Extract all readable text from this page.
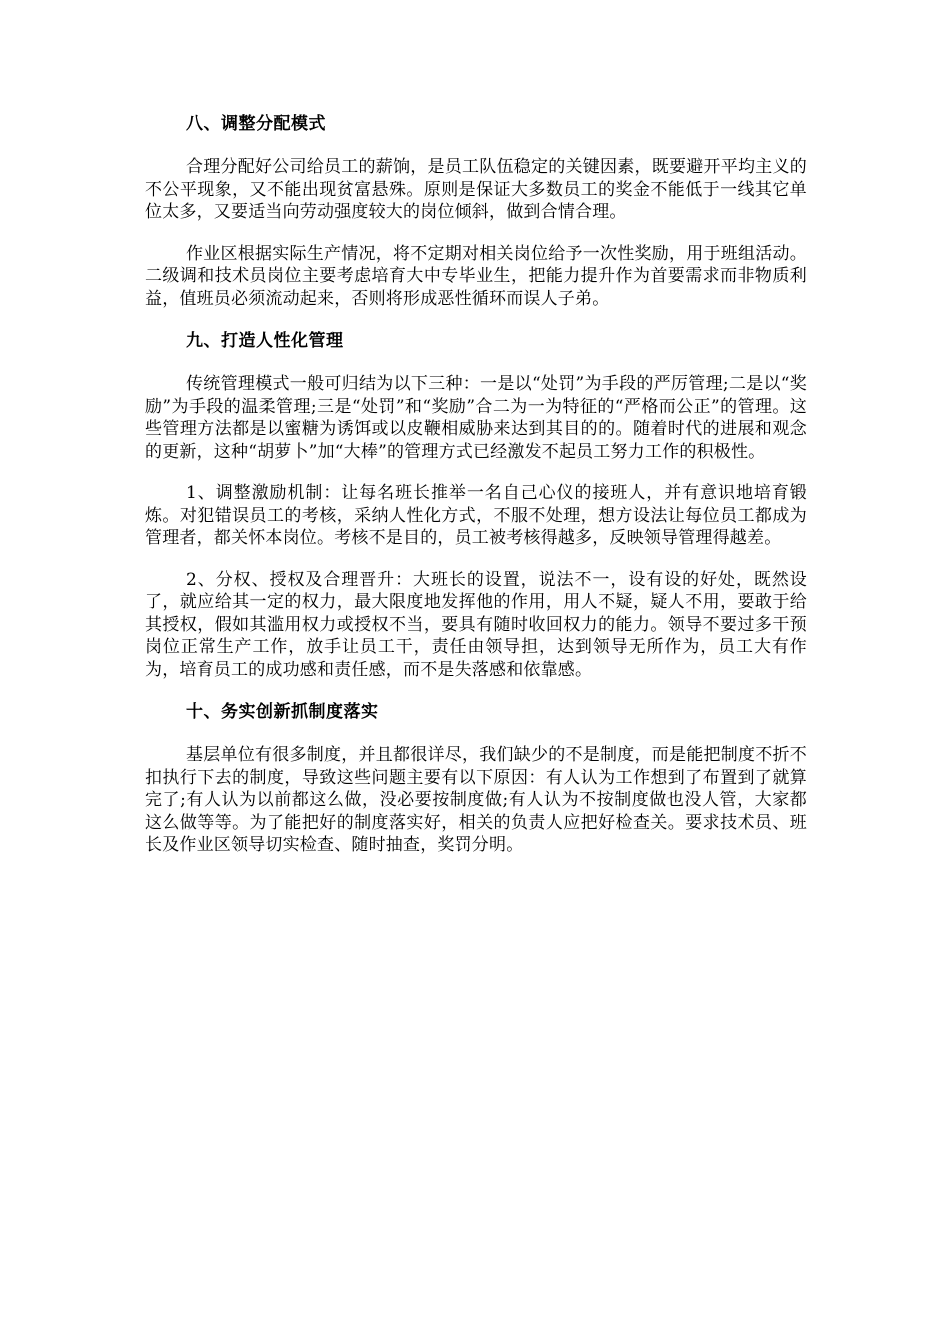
八、调整分配模式

合理分配好公司给员工的薪饷，是员工队伍稳定的关键因素，既要避开平均主义的不公平现象，又不能出现贫富悬殊。原则是保证大多数员工的奖金不能低于一线其它单位太多，又要适当向劳动强度较大的岗位倾斜，做到合情合理。

作业区根据实际生产情况，将不定期对相关岗位给予一次性奖励，用于班组活动。二级调和技术员岗位主要考虑培育大中专毕业生，把能力提升作为首要需求而非物质利益，值班员必须流动起来，否则将形成恶性循环而误人子弟。

九、打造人性化管理

传统管理模式一般可归结为以下三种：一是以“处罚”为手段的严厉管理;二是以“奖励”为手段的温柔管理;三是“处罚”和“奖励”合二为一为特征的“严格而公正”的管理。这些管理方法都是以蜜糖为诱饵或以皮鞭相威胁来达到其目的的。随着时代的进展和观念的更新，这种“胡萝卜”加“大棒”的管理方式已经激发不起员工努力工作的积极性。

1、调整激励机制：让每名班长推举一名自己心仪的接班人，并有意识地培育锻炼。对犯错误员工的考核，采纳人性化方式，不服不处理，想方设法让每位员工都成为管理者，都关怀本岗位。考核不是目的，员工被考核得越多，反映领导管理得越差。

2、分权、授权及合理晋升：大班长的设置，说法不一，设有设的好处，既然设了，就应给其一定的权力，最大限度地发挥他的作用，用人不疑，疑人不用，要敢于给其授权，假如其滥用权力或授权不当，要具有随时收回权力的能力。领导不要过多干预岗位正常生产工作，放手让员工干，责任由领导担，达到领导无所作为，员工大有作为，培育员工的成功感和责任感，而不是失落感和依靠感。

十、务实创新抓制度落实

基层单位有很多制度，并且都很详尽，我们缺少的不是制度，而是能把制度不折不扣执行下去的制度，导致这些问题主要有以下原因：有人认为工作想到了布置到了就算完了;有人认为以前都这么做，没必要按制度做;有人认为不按制度做也没人管，大家都这么做等等。为了能把好的制度落实好，相关的负责人应把好检查关。要求技术员、班长及作业区领导切实检查、随时抽查，奖罚分明。
